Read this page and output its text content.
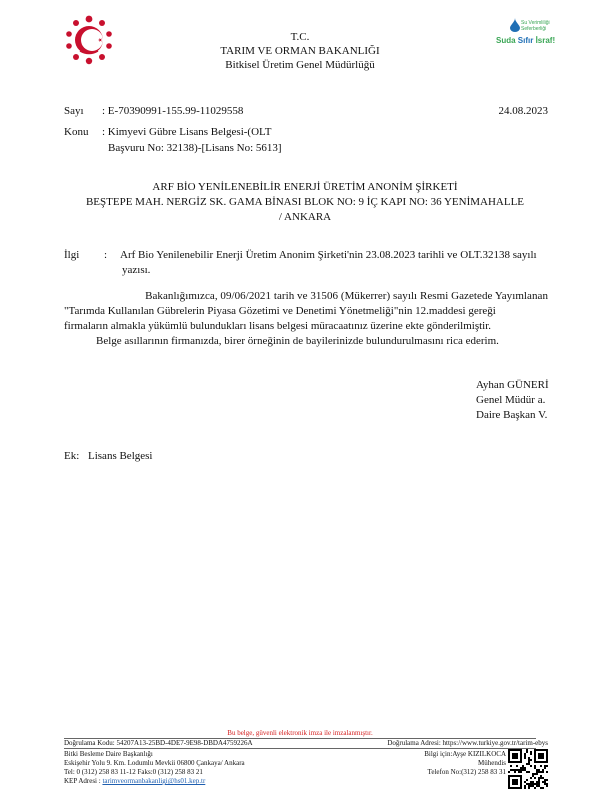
Su Verimliliği
Seferberliği
Suda Sıfır İsraf!
T.C.
TARIM VE ORMAN BAKANLIĞI
Bitkisel Üretim Genel Müdürlüğü
Sayı : E-70390991-155.99-11029558	24.08.2023
Konu : Kimyevi Gübre Lisans Belgesi-(OLT
Başvuru No: 32138)-[Lisans No: 5613]
ARF BİO YENİLENEBİLİR ENERJİ ÜRETİM ANONİM ŞİRKETİ
BEŞTEPE MAH. NERGİZ SK. GAMA BİNASI BLOK NO: 9 İÇ KAPI NO: 36 YENİMAHALLE
/ ANKARA
İlgi : Arf Bio Yenilenebilir Enerji Üretim Anonim Şirketi'nin 23.08.2023 tarihli ve OLT.32138 sayılı
yazısı.
Bakanlığımızca, 09/06/2021 tarih ve 31506 (Mükerrer) sayılı Resmi Gazetede Yayımlanan
"Tarımda Kullanılan Gübrelerin Piyasa Gözetimi ve Denetimi Yönetmeliği"nin 12.maddesi gereği
firmaların almakla yükümlü bulundukları lisans belgesi müracaatınız üzerine ekte gönderilmiştir.
Belge asıllarının firmanızda, birer örneğinin de bayilerinizde bulundurulmasını rica ederim.
Ayhan GÜNERİ
Genel Müdür a.
Daire Başkan V.
Ek: Lisans Belgesi
Bu belge, güvenli elektronik imza ile imzalanmıştır.
Doğrulama Kodu: 54207A13-25BD-4DE7-9E98-DBDA4759226A	Doğrulama Adresi: https://www.turkiye.gov.tr/tarim-ebys
Bitki Besleme Daire Başkanlığı
Eskişehir Yolu 9. Km. Lodumlu Mevkii 06800 Çankaya/ Ankara
Tel: 0 (312) 258 83 11-12 Faks:0 (312) 258 83 21
KEP Adresi : tarimveormanbakanligi@hs01.kep.tr
Bilgi için:Ayşe KIZILKOCA
Mühendis
Telefon No:(312) 258 83 31
